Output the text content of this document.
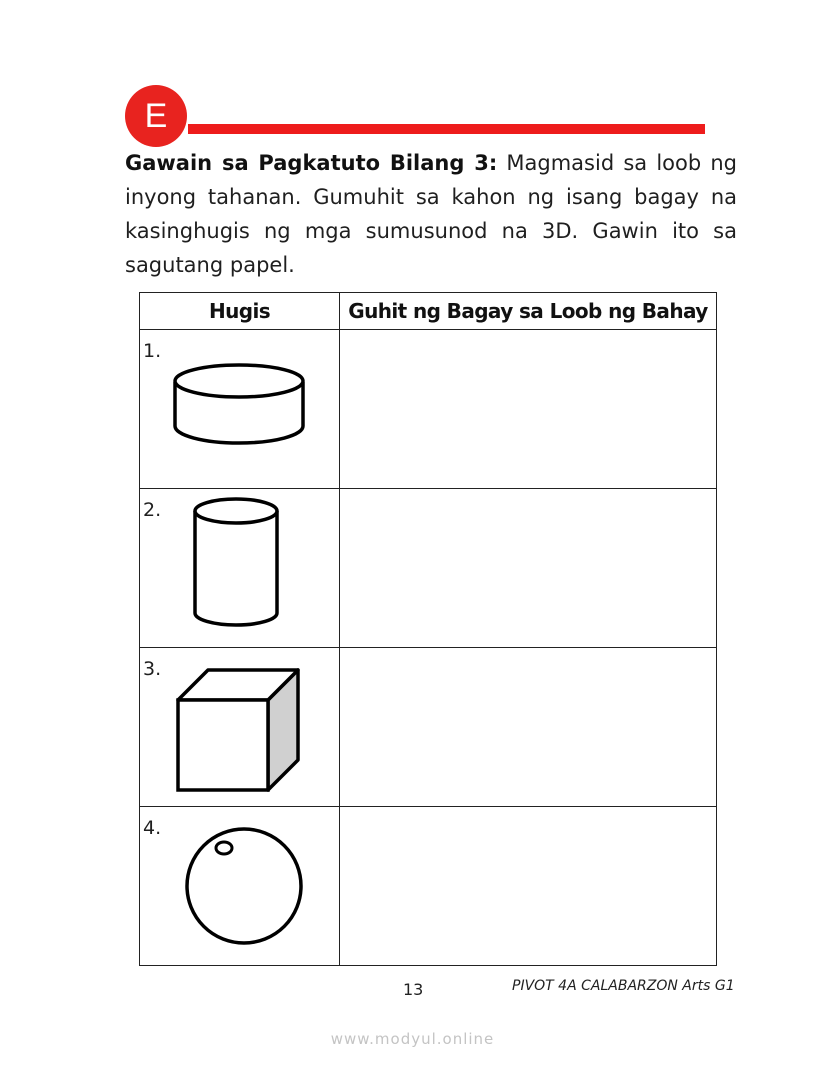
E

Gawain sa Pagkatuto Bilang 3: Magmasid sa loob ng inyong tahanan. Gumuhit sa kahon ng isang bagay na kasinghugis ng mga sumusunod na 3D. Gawin ito sa sagutang papel.

Hugis	Guhit ng Bagay sa Loob ng Bahay

1.	

2.	

3.	

4.	

13	PIVOT 4A CALABARZON Arts G1
www.modyul.online
